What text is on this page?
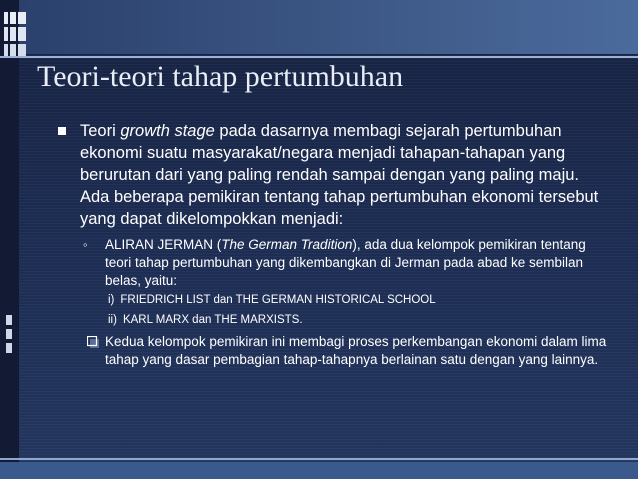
Teori-teori tahap pertumbuhan
Teori growth stage pada dasarnya membagi sejarah pertumbuhan ekonomi suatu masyarakat/negara menjadi tahapan-tahapan yang berurutan dari yang paling rendah sampai dengan yang paling maju. Ada beberapa pemikiran tentang tahap pertumbuhan ekonomi tersebut yang dapat dikelompokkan menjadi:
◦ ALIRAN JERMAN (The German Tradition), ada dua kelompok pemikiran tentang teori tahap pertumbuhan yang dikembangkan di Jerman pada abad ke sembilan belas, yaitu:
i) FRIEDRICH LIST dan THE GERMAN HISTORICAL SCHOOL
ii) KARL MARX dan THE MARXISTS.
Kedua kelompok pemikiran ini membagi proses perkembangan ekonomi dalam lima tahap yang dasar pembagian tahap-tahapnya berlainan satu dengan yang lainnya.
